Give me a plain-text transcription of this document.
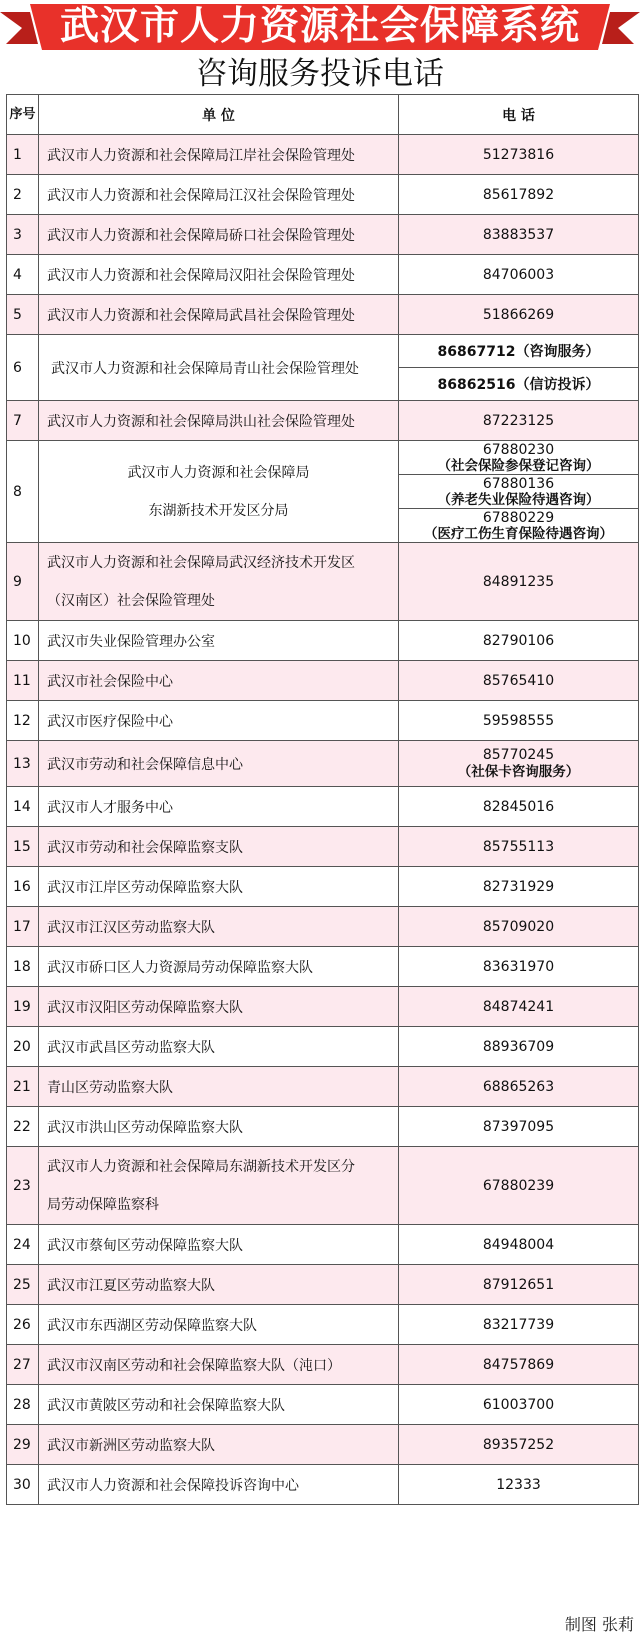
武汉市人力资源社会保障系统
咨询服务投诉电话
序号	单 位	电 话
1	武汉市人力资源和社会保障局江岸社会保险管理处	51273816
2	武汉市人力资源和社会保障局江汉社会保险管理处	85617892
3	武汉市人力资源和社会保障局硚口社会保险管理处	83883537
4	武汉市人力资源和社会保障局汉阳社会保险管理处	84706003
5	武汉市人力资源和社会保障局武昌社会保险管理处	51866269
6	武汉市人力资源和社会保障局青山社会保险管理处	86867712（咨询服务）
		86862516（信访投诉）
7	武汉市人力资源和社会保障局洪山社会保险管理处	87223125
8	武汉市人力资源和社会保障局
东湖新技术开发区分局	67880230
（社会保险参保登记咨询）

		67880136
（养老失业保险待遇咨询）

		67880229
（医疗工伤生育保险待遇咨询）

9	武汉市人力资源和社会保障局武汉经济技术开发区
（汉南区）社会保险管理处	84891235
10	武汉市失业保险管理办公室	82790106
11	武汉市社会保险中心	85765410
12	武汉市医疗保险中心	59598555
13	武汉市劳动和社会保障信息中心	85770245
（社保卡咨询服务）

14	武汉市人才服务中心	82845016
15	武汉市劳动和社会保障监察支队	85755113
16	武汉市江岸区劳动保障监察大队	82731929
17	武汉市江汉区劳动监察大队	85709020
18	武汉市硚口区人力资源局劳动保障监察大队	83631970
19	武汉市汉阳区劳动保障监察大队	84874241
20	武汉市武昌区劳动监察大队	88936709
21	青山区劳动监察大队	68865263
22	武汉市洪山区劳动保障监察大队	87397095
23	武汉市人力资源和社会保障局东湖新技术开发区分
局劳动保障监察科	67880239
24	武汉市蔡甸区劳动保障监察大队	84948004
25	武汉市江夏区劳动监察大队	87912651
26	武汉市东西湖区劳动保障监察大队	83217739
27	武汉市汉南区劳动和社会保障监察大队（沌口）	84757869
28	武汉市黄陂区劳动和社会保障监察大队	61003700
29	武汉市新洲区劳动监察大队	89357252
30	武汉市人力资源和社会保障投诉咨询中心	12333
制图 张莉
